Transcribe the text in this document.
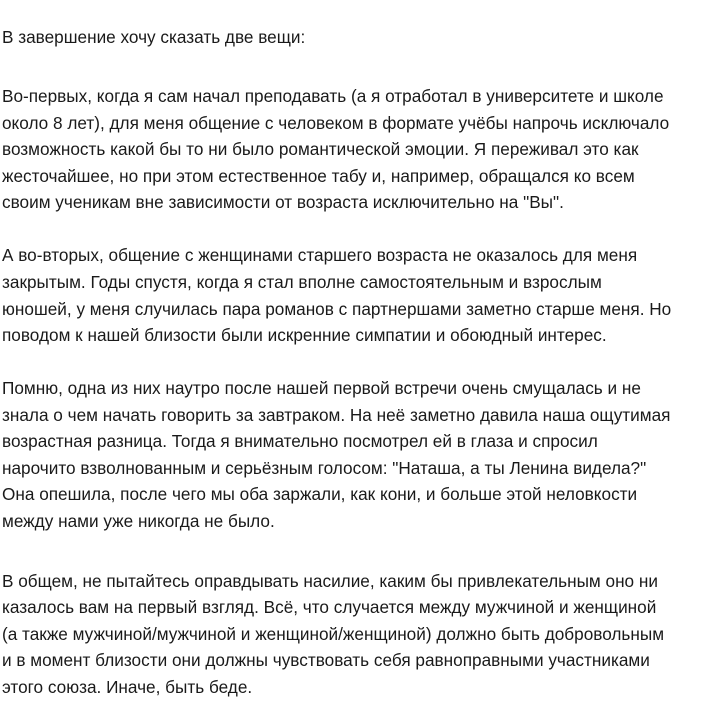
В завершение хочу сказать две вещи:
Во-первых, когда я сам начал преподавать (а я отработал в университете и школе
около 8 лет), для меня общение с человеком в формате учёбы напрочь исключало
возможность какой бы то ни было романтической эмоции. Я переживал это как
жесточайшее, но при этом естественное табу и, например, обращался ко всем
своим ученикам вне зависимости от возраста исключительно на "Вы".
А во-вторых, общение с женщинами старшего возраста не оказалось для меня
закрытым. Годы спустя, когда я стал вполне самостоятельным и взрослым
юношей, у меня случилась пара романов с партнершами заметно старше меня. Но
поводом к нашей близости были искренние симпатии и обоюдный интерес.
Помню, одна из них наутро после нашей первой встречи очень смущалась и не
знала о чем начать говорить за завтраком. На неё заметно давила наша ощутимая
возрастная разница. Тогда я внимательно посмотрел ей в глаза и спросил
нарочито взволнованным и серьёзным голосом: "Наташа, а ты Ленина видела?"
Она опешила, после чего мы оба заржали, как кони, и больше этой неловкости
между нами уже никогда не было.
В общем, не пытайтесь оправдывать насилие, каким бы привлекательным оно ни
казалось вам на первый взгляд. Всё, что случается между мужчиной и женщиной
(а также мужчиной/мужчиной и женщиной/женщиной) должно быть добровольным
и в момент близости они должны чувствовать себя равноправными участниками
этого союза. Иначе, быть беде.
